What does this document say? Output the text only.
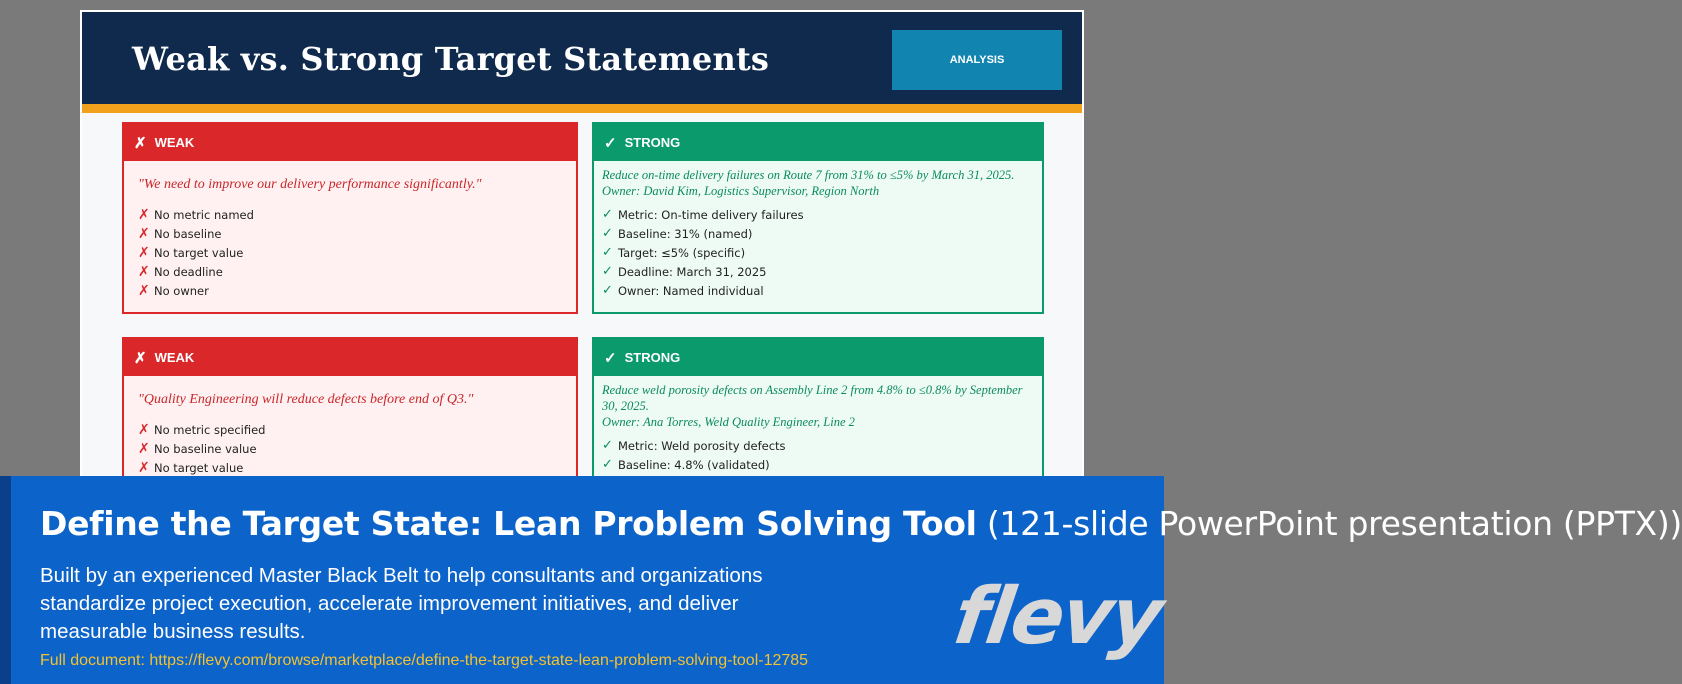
Weak vs. Strong Target Statements	ANALYSIS
✗ WEAK
"We need to improve our delivery performance significantly."
✗ No metric named
✗ No baseline
✗ No target value
✗ No deadline
✗ No owner
✓ STRONG
Reduce on-time delivery failures on Route 7 from 31% to ≤5% by March 31, 2025.
Owner: David Kim, Logistics Supervisor, Region North
✓ Metric: On-time delivery failures
✓ Baseline: 31% (named)
✓ Target: ≤5% (specific)
✓ Deadline: March 31, 2025
✓ Owner: Named individual
✗ WEAK
"Quality Engineering will reduce defects before end of Q3."
✗ No metric specified
✗ No baseline value
✗ No target value
✓ STRONG
Reduce weld porosity defects on Assembly Line 2 from 4.8% to ≤0.8% by September 30, 2025.
Owner: Ana Torres, Weld Quality Engineer, Line 2
✓ Metric: Weld porosity defects
✓ Baseline: 4.8% (validated)
Define the Target State: Lean Problem Solving Tool (121-slide PowerPoint presentation (PPTX))
Built by an experienced Master Black Belt to help consultants and organizations standardize project execution, accelerate improvement initiatives, and deliver measurable business results.
Full document: https://flevy.com/browse/marketplace/define-the-target-state-lean-problem-solving-tool-12785 flevy
